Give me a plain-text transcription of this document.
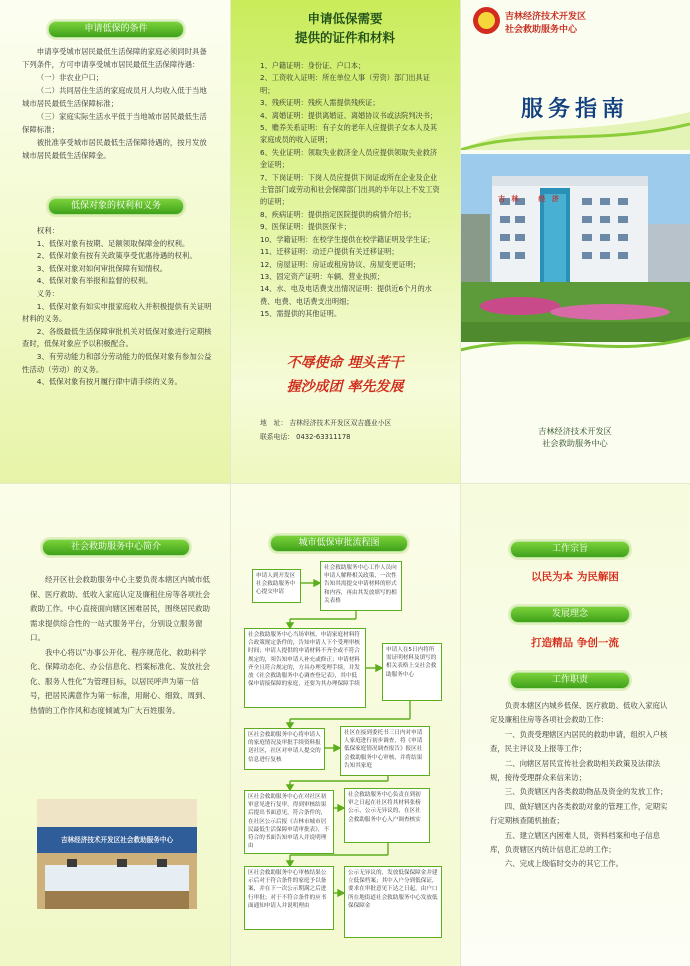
申请低保的条件

申请享受城市居民最低生活保障的家庭必须同时具备下列条件，方可申请享受城市居民最低生活保障待遇：

（一）非农业户口；

（二）共同居住生活的家庭成员月人均收入低于当地城市居民最低生活保障标准；

（三）家庭实际生活水平低于当地城市居民最低生活保障标准；

被批准享受城市居民最低生活保障待遇的，按月发放城市居民最低生活保障金。

低保对象的权利和义务

权利：

1、低保对象有按期、足额领取保障金的权利。

2、低保对象有按有关政策享受优惠待遇的权利。

3、低保对象对如何审批保障有知情权。

4、低保对象有举报和监督的权利。

义务：

1、低保对象有如实申报家庭收入并积极提供有关证明材料的义务。

2、各级最低生活保障审批机关对低保对象进行定期核查时，低保对象应予以积极配合。

3、有劳动能力和部分劳动能力的低保对象有参加公益性活动（劳动）的义务。

4、低保对象有按月履行律中请手续的义务。

申请低保需要
提供的证件和材料

1、户籍证明：身份证、户口本；

2、工资收入证明：所在单位人事（劳资）部门出具证明；

3、残疾证明：残疾人需提供残疾证；

4、离婚证明：提供离婚证、离婚协议书或法院判决书；

5、赡养关系证明：有子女的老年人应提供子女本人及其家庭成员的收入证明；

6、失业证明：领取失业救济金人员应提供领取失业救济金证明；

7、下岗证明：下岗人员应提供下岗证或所在企业及企业主管部门或劳动和社会保障部门出具的半年以上不发工资的证明；

8、疾病证明：提供指定医院提供的病情介绍书；

9、医保证明：提供医保卡；

10、学籍证明：在校学生提供在校学籍证明及学生证；

11、迁移证明：动迁户提供有关迁移证明；

12、房屋证明：房证或租房协议、房屋变更证明；

13、固定资产证明：车辆、营业执照；

14、水、电及电话费支出情况证明：提供近6个月的水费、电费、电话费支出明细；

15、需提供的其他证明。

不辱使命 埋头苦干
握沙成团 率先发展
地　址： 吉林经济技术开发区双吉盛业小区
联系电话： 0432-63311178
吉林经济技术开发区
社会救助服务中心
服务指南
吉 林　　经 济
吉林经济技术开发区
社会救助服务中心
社会救助服务中心简介

经开区社会救助服务中心主要负责本辖区内城市低保、医疗救助、低收入家庭认定及廉租住房等各项社会救助工作。中心直接面向辖区困难居民，围绕居民救助需求提供综合性的一站式服务平台，分别设立服务窗口。

我中心将以“办事公开化、程序规范化、救助科学化、保障动态化、办公信息化、档案标准化、发放社会化、服务人性化”为管理目标，以居民呼声为第一信号，把居民满意作为第一标准，用耐心、细致、周到、热情的工作作风和态度倾诚为广大百姓服务。

吉林经济技术开发区社会救助服务中心
城市低保审批流程图
申请人到开发区社会救助服务中心提交申请
社会救助服务中心工作人员向申请人解释相关政策，一次性告知其需提交申请材料的形式和内容，再由其发放填写的相关表格
社会救助服务中心当场审核，申请家庭材料符合政策规定条件的，告知申请人下个受理审核时间；申请人提供的申请材料不齐全或不符合规定的，须告知申请人补充或修正；申请材料齐全且符合规定的，方具办理受理手续，并发放《社会救助服务中心调查登记表》，其中低保申请接保障的家庭，还要为其办理保障手续
申请人在5日内将所需证明材料及填写的相关表格上交社会救助服务中心
区社会救助服务中心将申请人的家庭情况及审批手续资料报送社区，社区对申请人提交的信息进行复核
社区在接到委托书三日内对申请人家庭进行初步调查，将《申请低保家庭情况调查报告》报区社会救助服务中心审核，并将结果告知其家庭
区社会救助服务中心在对社区初审意见进行复审，得到审核结果后提出书面意见，符合条件的，在社区公示后报《吉林市城市居民最低生活保障申请审批表》，不符合的书面告知申请人并说明理由
社会救助服务中心负责在到初审之日起在社区将其材料张榜公示，公示无异议的，在区社会救助服务中心入户调查核实
区社会救助服务中心审核结果公示后对于符合条件的家庭予以备案，并在下一次公示期满之后进行审批；对于不符合条件的应书面通知申请人并说明理由
公示无异议的，发放低保保障金并建立低保档案；其中入户分到低保证，要求在审批意见下达之日起，由户口所在地街道社会救助服务中心发放低保保障金
工作宗旨
以民为本 为民解困
发展理念
打造精品 争创一流
工作职责

负责本辖区内城乡低保、医疗救助、低收入家庭认定及廉租住房等各项社会救助工作：

一、负责受理辖区内居民的救助申请，组织入户核查，民主评议及上报等工作；

二、向辖区居民宣传社会救助相关政策及法律法规，接待受理群众来信来访；

三、负责辖区内各类救助物品及资金的发放工作；

四、做好辖区内各类救助对象的管理工作，定期实行定期核查随机抽查；

五、建立辖区内困难人员，资料档案和电子信息库，负责辖区内统计信息汇总的工作；

六、完成上级临时交办的其它工作。
